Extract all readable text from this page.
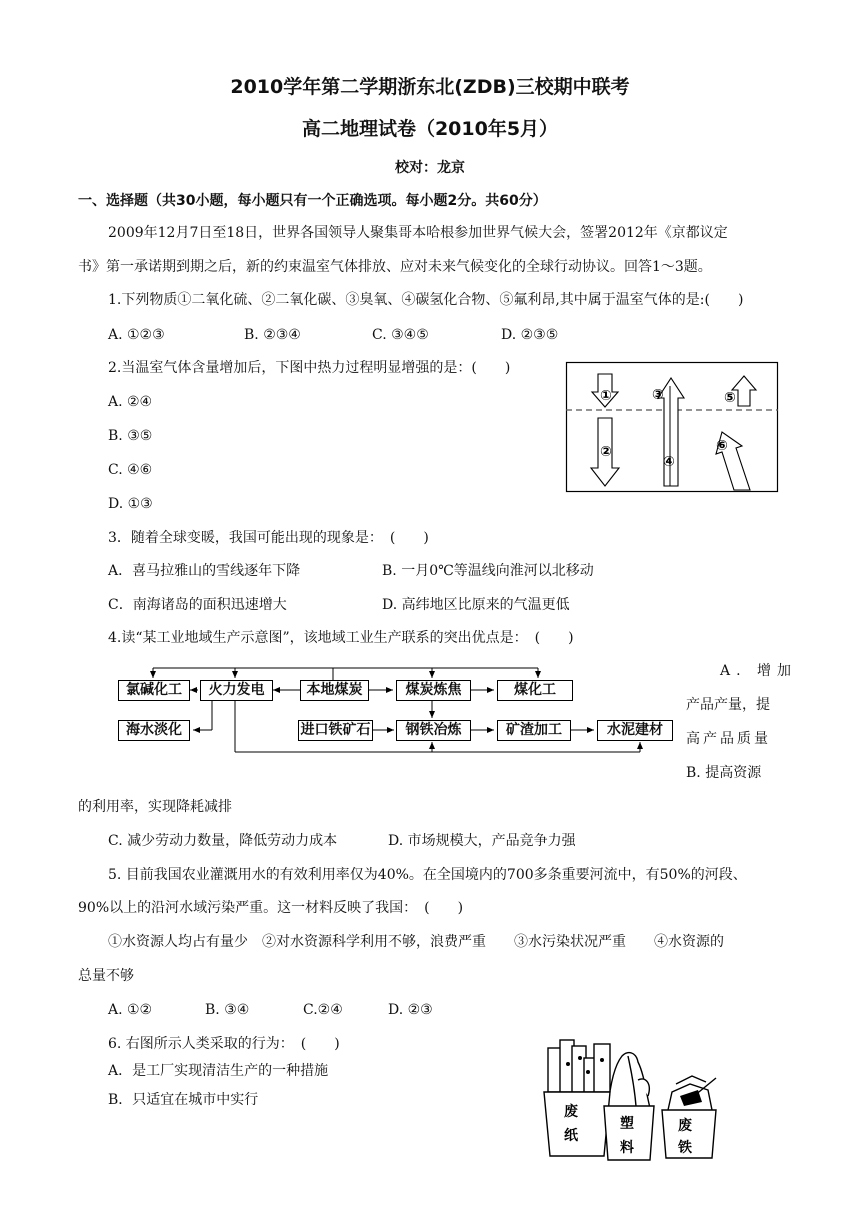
2010学年第二学期浙东北(ZDB)三校期中联考
高二地理试卷（2010年5月）
校对：龙京
一、选择题（共30小题，每小题只有一个正确选项。每小题2分。共60分）
2009年12月7日至18日，世界各国领导人聚集哥本哈根参加世界气候大会，签署2012年《京都议定
书》第一承诺期到期之后，新的约束温室气体排放、应对未来气候变化的全球行动协议。回答1～3题。
1.下列物质①二氧化硫、②二氧化碳、③臭氧、④碳氢化合物、⑤氟利昂,其中属于温室气体的是:(　　)
A. ①②③	B. ②③④	C. ③④⑤	D. ②③⑤
2.当温室气体含量增加后，下图中热力过程明显增强的是：(　　)
A. ②④
B. ③⑤
C. ④⑥
D. ①③
①
②
③
④
⑤
⑥
3．随着全球变暖，我国可能出现的现象是：　(　　)
A．喜马拉雅山的雪线逐年下降	B. 一月0℃等温线向淮河以北移动
C．南海诸岛的面积迅速增大	D. 高纬地区比原来的气温更低
4.读“某工业地域生产示意图”，该地域工业生产联系的突出优点是：　(　　)
氯碱化工	火力发电	本地煤炭	煤炭炼焦	煤化工
海水淡化	进口铁矿石	钢铁冶炼	矿渣加工	水泥建材
A. 增加
产品产量，提
高产品质量
B. 提高资源
的利用率，实现降耗减排
C. 减少劳动力数量，降低劳动力成本	D. 市场规模大，产品竞争力强
5. 目前我国农业灌溉用水的有效利用率仅为40%。在全国境内的700多条重要河流中，有50%的河段、
90%以上的沿河水域污染严重。这一材料反映了我国：　(　　)
①水资源人均占有量少　②对水资源科学利用不够，浪费严重　　③水污染状况严重　　④水资源的
总量不够
A. ①②	B. ③④	C.②④	D. ②③
6. 右图所示人类采取的行为：　(　　)
A．是工厂实现清洁生产的一种措施
B．只适宜在城市中实行
废
纸
塑
料
废
铁
